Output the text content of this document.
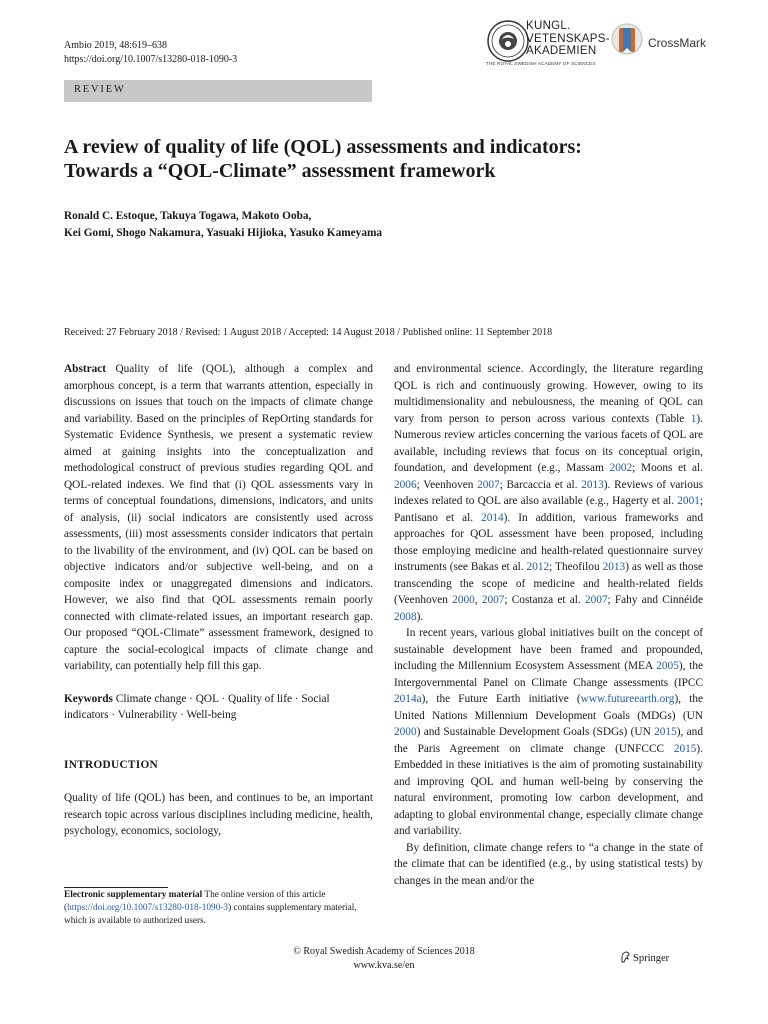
Ambio 2019, 48:619–638
https://doi.org/10.1007/s13280-018-1090-3
KUNGL.
VETENSKAPS-
AKADEMIEN
THE ROYAL SWEDISH ACADEMY OF SCIENCES
CrossMark
REVIEW
A review of quality of life (QOL) assessments and indicators:
Towards a “QOL-Climate” assessment framework
Ronald C. Estoque, Takuya Togawa, Makoto Ooba,
Kei Gomi, Shogo Nakamura, Yasuaki Hijioka, Yasuko Kameyama
Received: 27 February 2018 / Revised: 1 August 2018 / Accepted: 14 August 2018 / Published online: 11 September 2018

Abstract Quality of life (QOL), although a complex and amorphous concept, is a term that warrants attention, especially in discussions on issues that touch on the impacts of climate change and variability. Based on the principles of RepOrting standards for Systematic Evidence Synthesis, we present a systematic review aimed at gaining insights into the conceptualization and methodological construct of previous studies regarding QOL and QOL-related indexes. We find that (i) QOL assessments vary in terms of conceptual foundations, dimensions, indicators, and units of analysis, (ii) social indicators are consistently used across assessments, (iii) most assessments consider indicators that pertain to the livability of the environment, and (iv) QOL can be based on objective indicators and/or subjective well-being, and on a composite index or unaggregated dimensions and indicators. However, we also find that QOL assessments remain poorly connected with climate-related issues, an important research gap. Our proposed “QOL-Climate” assessment framework, designed to capture the social-ecological impacts of climate change and variability, can potentially help fill this gap.

Keywords Climate change · QOL · Quality of life · Social indicators · Vulnerability · Well-being

INTRODUCTION

Quality of life (QOL) has been, and continues to be, an important research topic across various disciplines including medicine, health, psychology, economics, sociology,

and environmental science. Accordingly, the literature regarding QOL is rich and continuously growing. However, owing to its multidimensionality and nebulousness, the meaning of QOL can vary from person to person across various contexts (Table 1). Numerous review articles concerning the various facets of QOL are available, including reviews that focus on its conceptual origin, foundation, and development (e.g., Massam 2002; Moons et al. 2006; Veenhoven 2007; Barcaccia et al. 2013). Reviews of various indexes related to QOL are also available (e.g., Hagerty et al. 2001; Pantisano et al. 2014). In addition, various frameworks and approaches for QOL assessment have been proposed, including those employing medicine and health-related questionnaire survey instruments (see Bakas et al. 2012; Theofilou 2013) as well as those transcending the scope of medicine and health-related fields (Veenhoven 2000, 2007; Costanza et al. 2007; Fahy and Cinnéide 2008).

In recent years, various global initiatives built on the concept of sustainable development have been framed and propounded, including the Millennium Ecosystem Assessment (MEA 2005), the Intergovernmental Panel on Climate Change assessments (IPCC 2014a), the Future Earth initiative (www.futureearth.org), the United Nations Millennium Development Goals (MDGs) (UN 2000) and Sustainable Development Goals (SDGs) (UN 2015), and the Paris Agreement on climate change (UNFCCC 2015). Embedded in these initiatives is the aim of promoting sustainability and improving QOL and human well-being by conserving the natural environment, promoting low carbon development, and adapting to global environmental change, especially climate change and variability.

By definition, climate change refers to “a change in the state of the climate that can be identified (e.g., by using statistical tests) by changes in the mean and/or the

Electronic supplementary material The online version of this article (https://doi.org/10.1007/s13280-018-1090-3) contains supplementary material, which is available to authorized users.
© Royal Swedish Academy of Sciences 2018
www.kva.se/en
Springer
